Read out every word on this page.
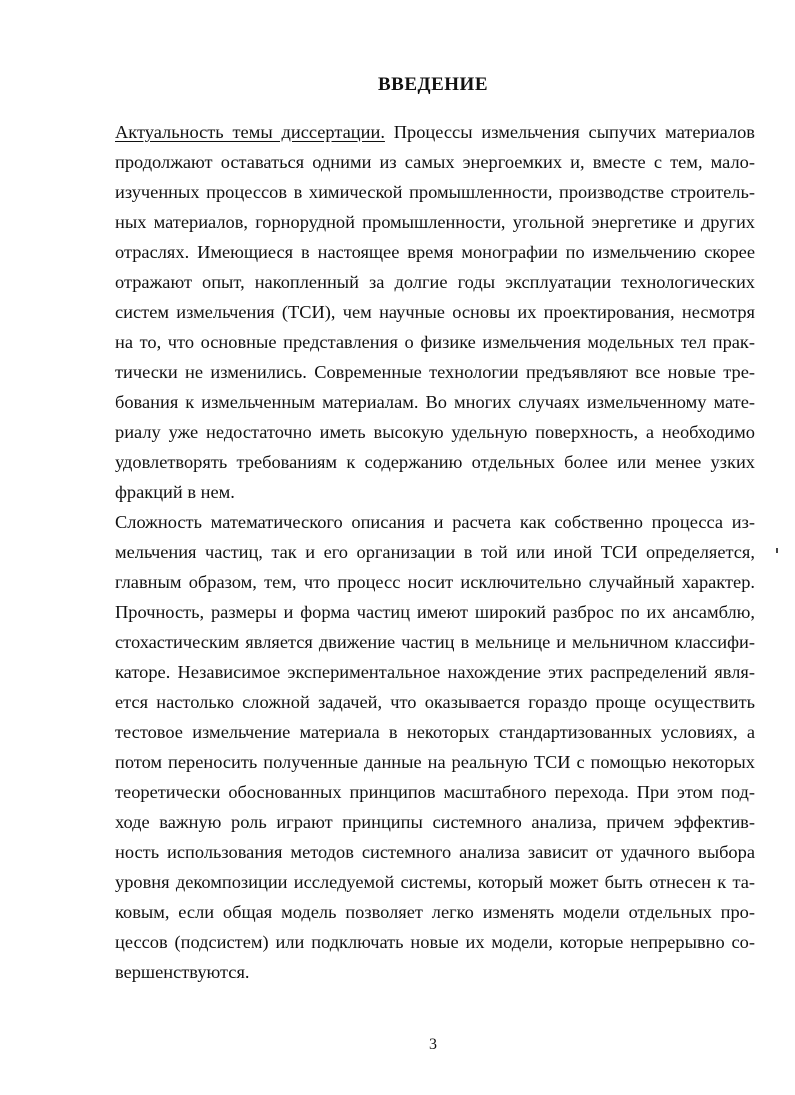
ВВЕДЕНИЕ
Актуальность темы диссертации. Процессы измельчения сыпучих материалов
продолжают оставаться одними из самых энергоемких и, вместе с тем, мало-
изученных процессов в химической промышленности, производстве строитель-
ных материалов, горнорудной промышленности, угольной энергетике и других
отраслях. Имеющиеся в настоящее время монографии по измельчению скорее
отражают опыт, накопленный за долгие годы эксплуатации технологических
систем измельчения (ТСИ), чем научные основы их проектирования, несмотря
на то, что основные представления о физике измельчения модельных тел прак-
тически не изменились. Современные технологии предъявляют все новые тре-
бования к измельченным материалам. Во многих случаях измельченному мате-
риалу уже недостаточно иметь высокую удельную поверхность, а необходимо
удовлетворять требованиям к содержанию отдельных более или менее узких
фракций в нем.
Сложность математического описания и расчета как собственно процесса из-
мельчения частиц, так и его организации в той или иной ТСИ определяется,
главным образом, тем, что процесс носит исключительно случайный характер.
Прочность, размеры и форма частиц имеют широкий разброс по их ансамблю,
стохастическим является движение частиц в мельнице и мельничном классифи-
каторе. Независимое экспериментальное нахождение этих распределений явля-
ется настолько сложной задачей, что оказывается гораздо проще осуществить
тестовое измельчение материала в некоторых стандартизованных условиях, а
потом переносить полученные данные на реальную ТСИ с помощью некоторых
теоретически обоснованных принципов масштабного перехода. При этом под-
ходе важную роль играют принципы системного анализа, причем эффектив-
ность использования методов системного анализа зависит от удачного выбора
уровня декомпозиции исследуемой системы, который может быть отнесен к та-
ковым, если общая модель позволяет легко изменять модели отдельных про-
цессов (подсистем) или подключать новые их модели, которые непрерывно со-
вершенствуются.
3
